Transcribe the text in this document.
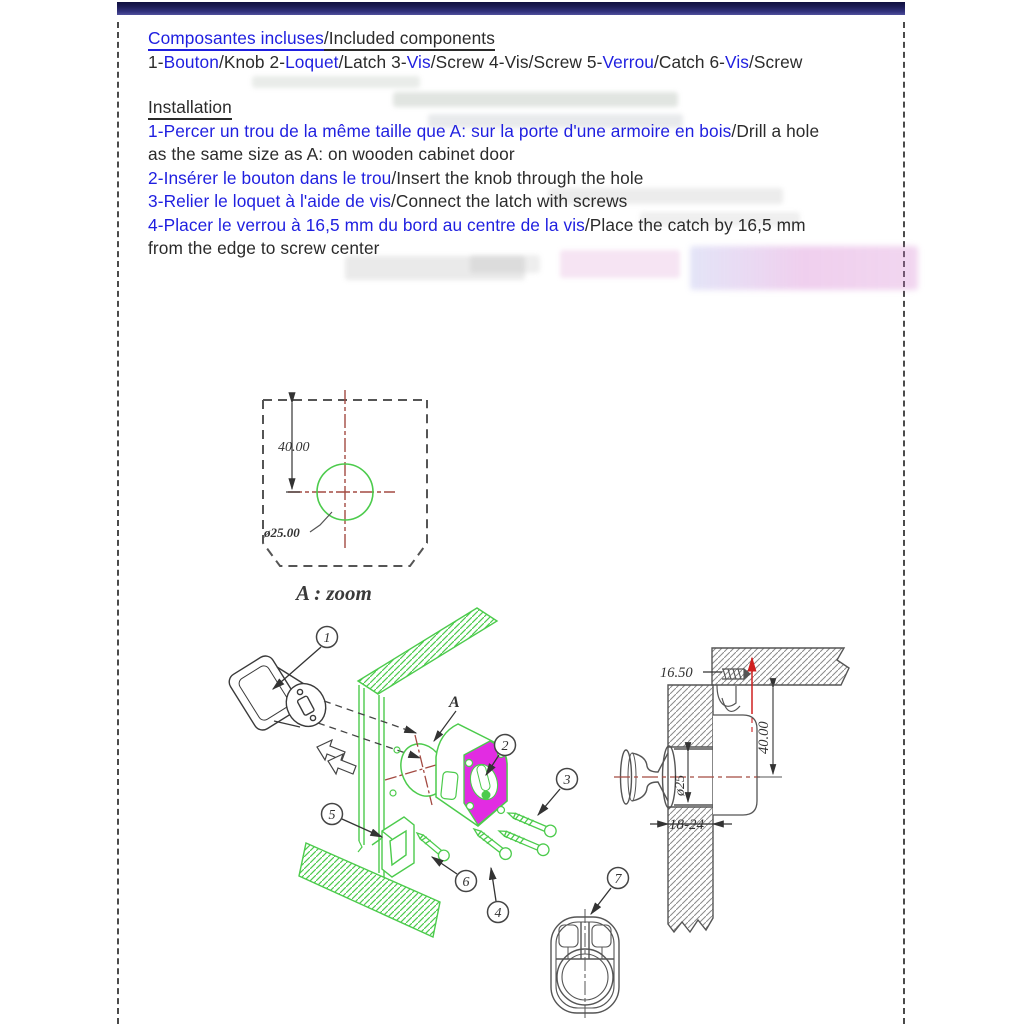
Composantes incluses/Included components
1-Bouton/Knob 2-Loquet/Latch 3-Vis/Screw 4-Vis/Screw 5-Verrou/Catch 6-Vis/Screw
Installation
1-Percer un trou de la même taille que A: sur la porte d'une armoire en bois/Drill a hole
as the same size as A: on wooden cabinet door
2-Insérer le bouton dans le trou/Insert the knob through the hole
3-Relier le loquet à l'aide de vis/Connect the latch with screws
4-Placer le verrou à 16,5 mm du bord au centre de la vis/Place the catch by 16,5 mm
from the edge to screw center
40.00
ø25.00
A : zoom
A
1
2
3
4
5
6	7
16.50
ø25
40.00
18-24
